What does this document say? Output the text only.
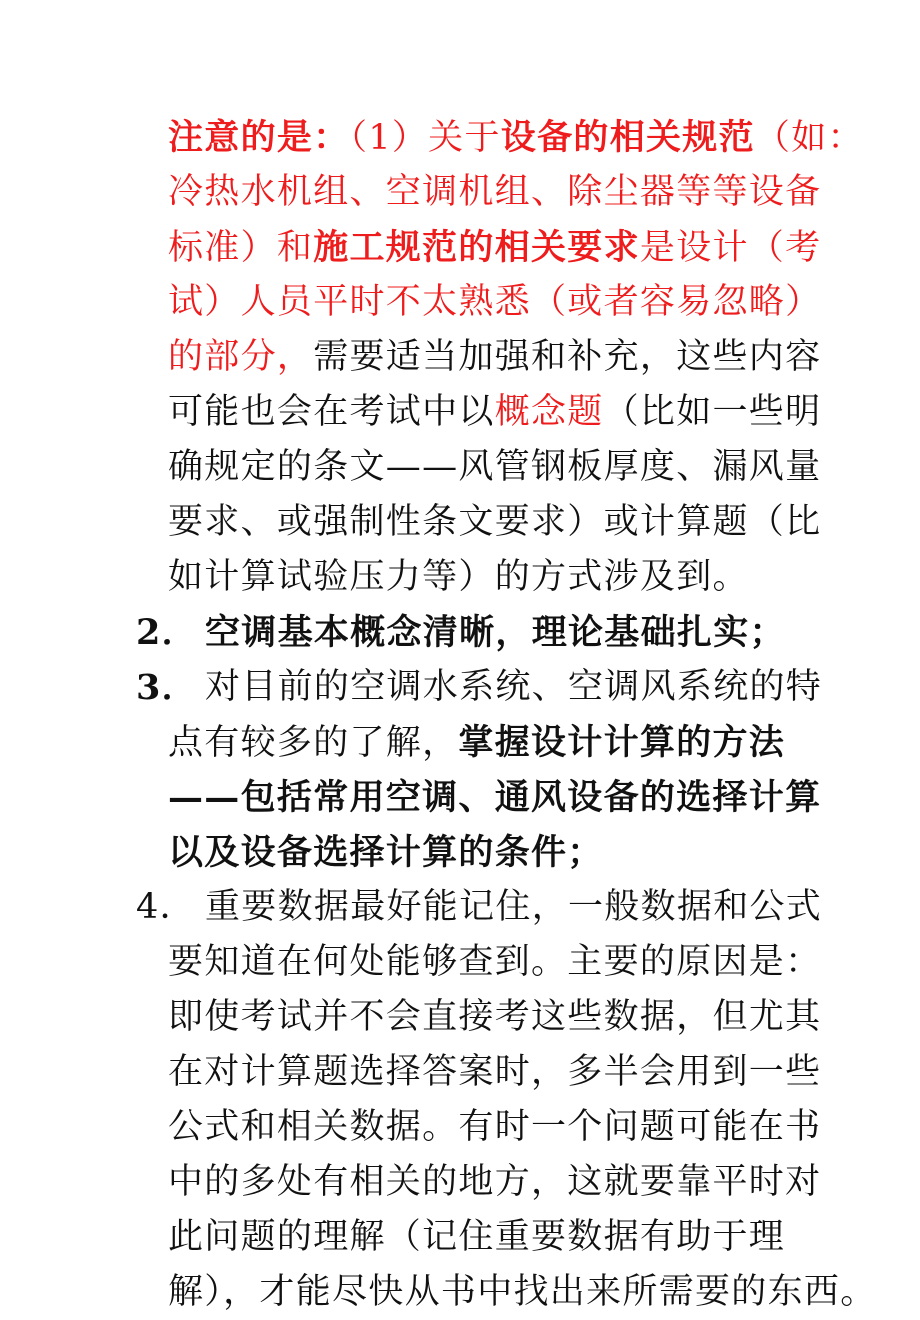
注意的是：（1）关于设备的相关规范（如：
冷热水机组、空调机组、除尘器等等设备
标准）和施工规范的相关要求是设计（考
试）人员平时不太熟悉（或者容易忽略）
的部分，需要适当加强和补充，这些内容
可能也会在考试中以概念题（比如一些明
确规定的条文——风管钢板厚度、漏风量
要求、或强制性条文要求）或计算题（比
如计算试验压力等）的方式涉及到。
2． 空调基本概念清晰，理论基础扎实；
3． 对目前的空调水系统、空调风系统的特
点有较多的了解，掌握设计计算的方法
——包括常用空调、通风设备的选择计算
以及设备选择计算的条件；
4． 重要数据最好能记住，一般数据和公式
要知道在何处能够查到。主要的原因是：
即使考试并不会直接考这些数据，但尤其
在对计算题选择答案时，多半会用到一些
公式和相关数据。有时一个问题可能在书
中的多处有相关的地方，这就要靠平时对
此问题的理解（记住重要数据有助于理
解），才能尽快从书中找出来所需要的东西。
